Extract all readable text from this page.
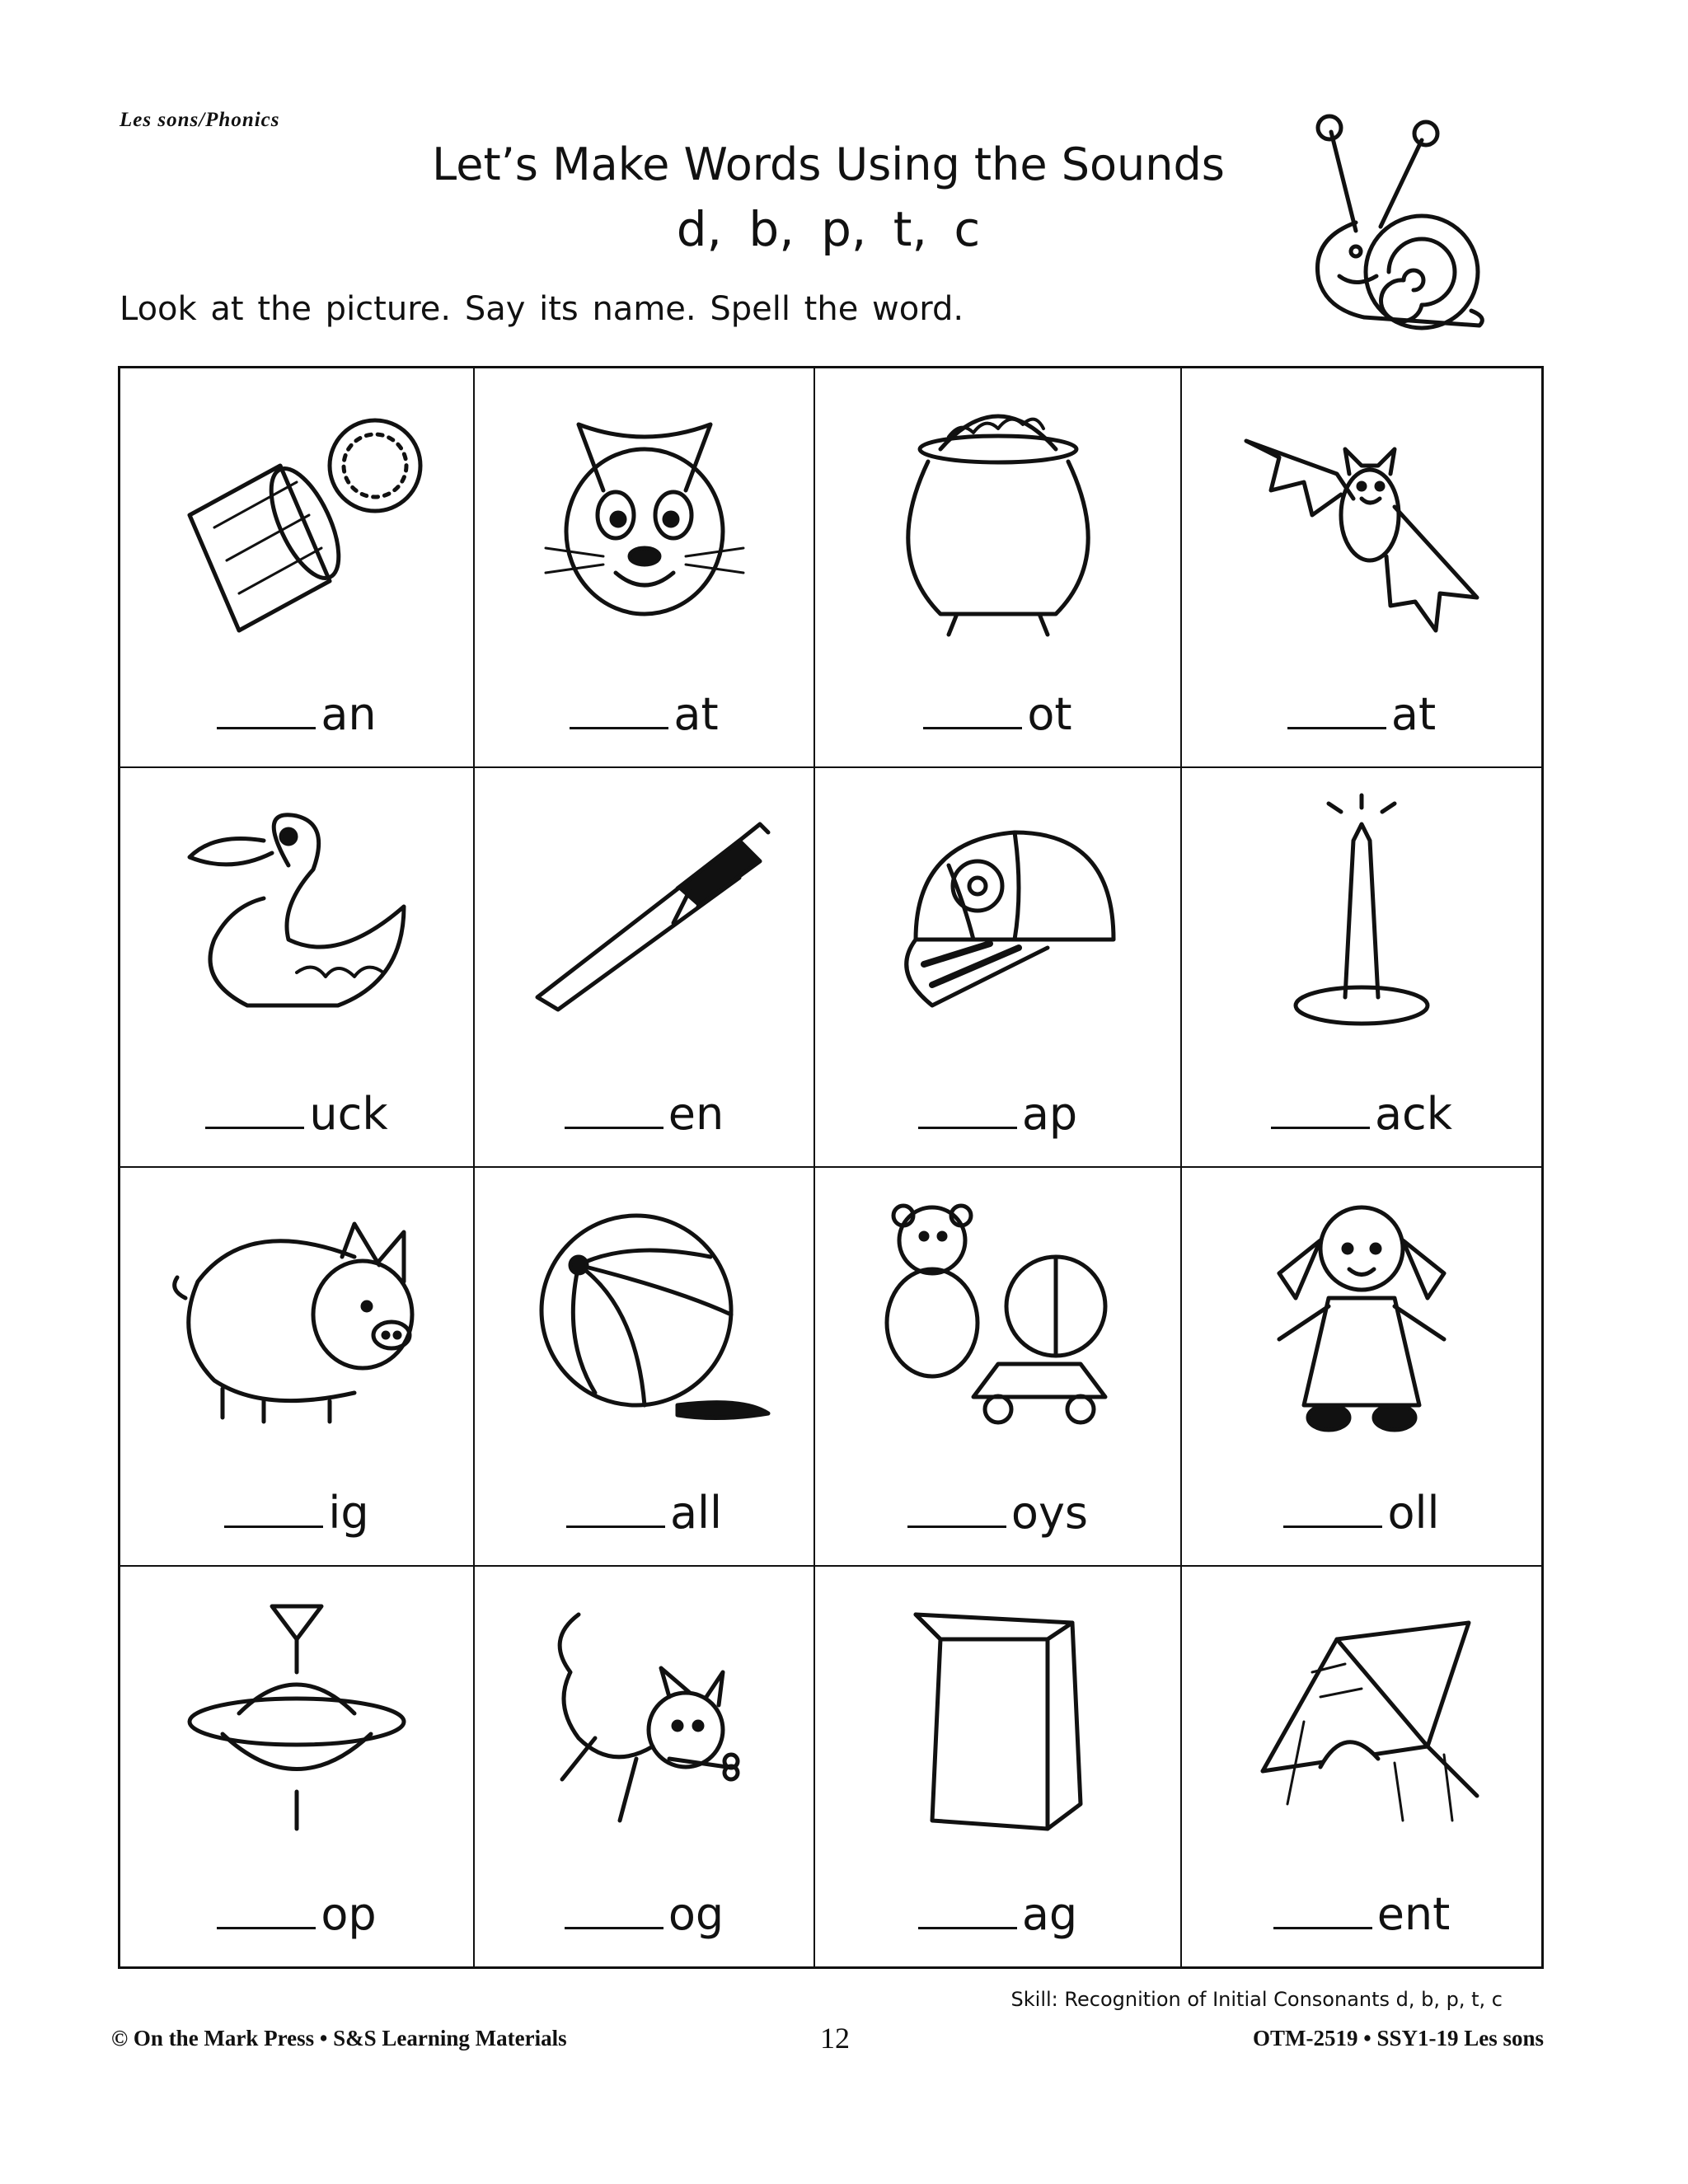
Les sons/Phonics
Let’s Make Words Using the Sounds
d, b, p, t, c
Look at the picture. Say its name. Spell the word.
an	at	ot	at
uck	en	ap	ack
ig	all	oys	oll
op	og	ag	ent
Skill: Recognition of Initial Consonants d, b, p, t, c
© On the Mark Press • S&S Learning Materials	12	OTM-2519 • SSY1-19 Les sons
